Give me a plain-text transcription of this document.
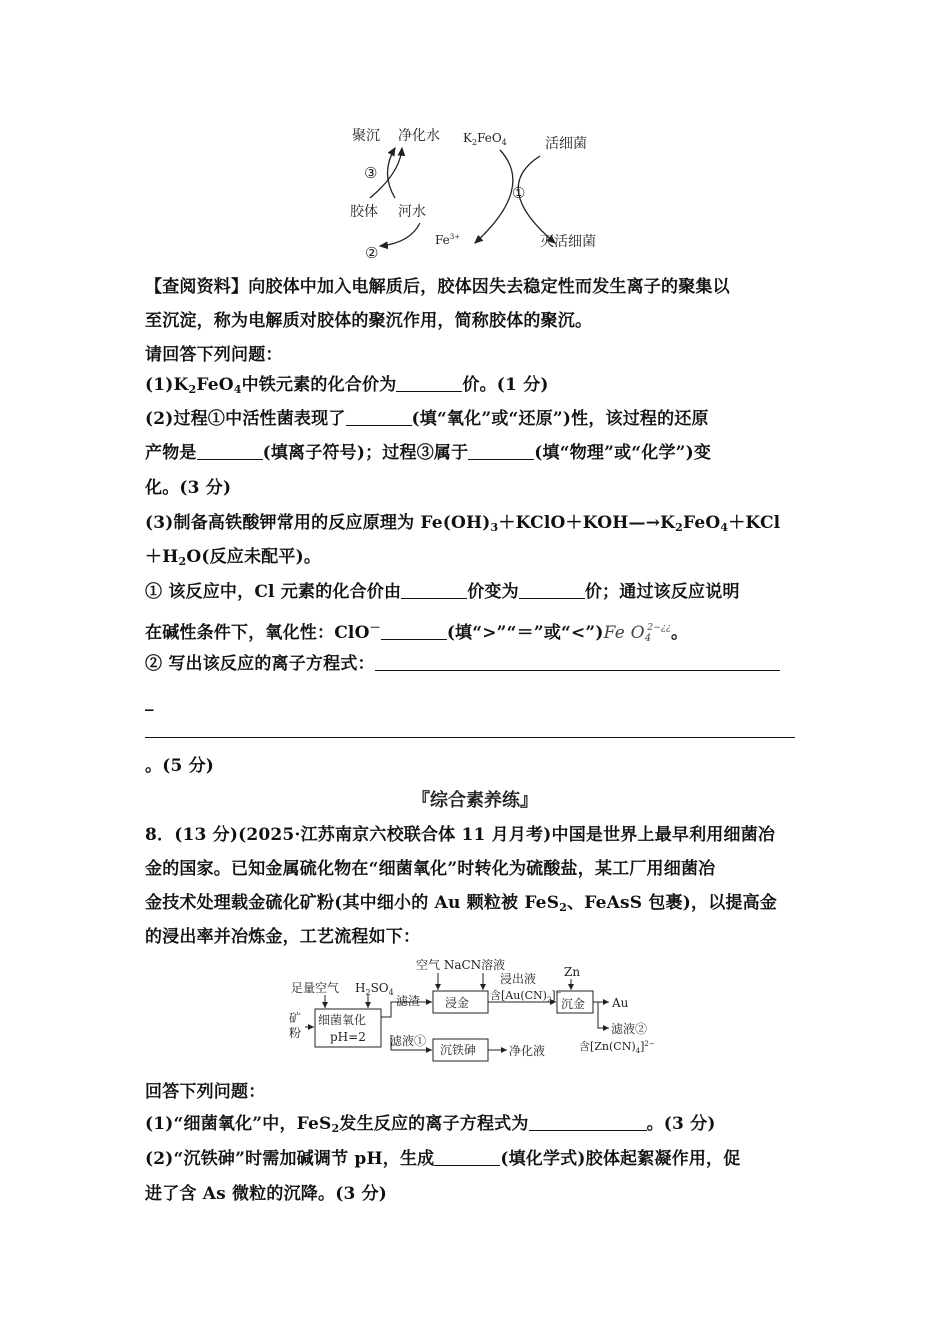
聚沉 净化水 $K_2FeO_4$	活细菌
③
①
胶体 河水
②
$Fe^{3+}$	灭活细菌
【查阅资料】向胶体中加入电解质后，胶体因失去稳定性而发生离子的聚集以
至沉淀，称为电解质对胶体的聚沉作用，简称胶体的聚沉。
请回答下列问题：
$(1)K_2FeO_4$中铁元素的化合价为	价。(1 分)
(2)过程①中活性菌表现了	(填“氧化”或“还原”)性，该过程的还原
产物是	(填离子符号)；过程③属于	(填“物理”或“化学”)变
化。(3 分)
(3)制备高铁酸钾常用的反应原理为 $Fe(OH)_3+KClO+KOH—\to K_2FeO_4+KCl$
$+H_2O$(反应未配平)。
① 该反应中，Cl 元素的化合价由	价变为	价；通过该反应说明
在碱性条件下，氧化性：ClO－	(填“>”“＝”或“<”)Fe $O4^{2-¿¿}$。
② 写出该反应的离子方程式：
_
。(5 分)
『综合素养练』
8．(13 分)(2025·江苏南京六校联合体 11 月月考)中国是世界上最早利用细菌冶
金的国家。已知金属硫化物在“细菌氧化”时转化为硫酸盐，某工厂用细菌冶
金技术处理载金硫化矿粉(其中细小的 Au 颗粒被 FeS$_2$、FeAsS 包裹)，以提高金
的浸出率并冶炼金，工艺流程如下：
足量空气 $H_2SO_4$
矿
粉
细菌氧化
pH=2
滤渣
空气 NaCN溶液
浸金
浸出液
含$[Au(CN)_2]^-$
Zn
沉金 Au
滤液②
含$[Zn(CN)_4]^{2-}$
滤液①
沉铁砷	净化液
回答下列问题：
(1)“细菌氧化”中，FeS$_2$发生反应的离子方程式为	。(3 分)
(2)“沉铁砷”时需加碱调节 pH，生成	(填化学式)胶体起絮凝作用，促
进了含 As 微粒的沉降。(3 分)
